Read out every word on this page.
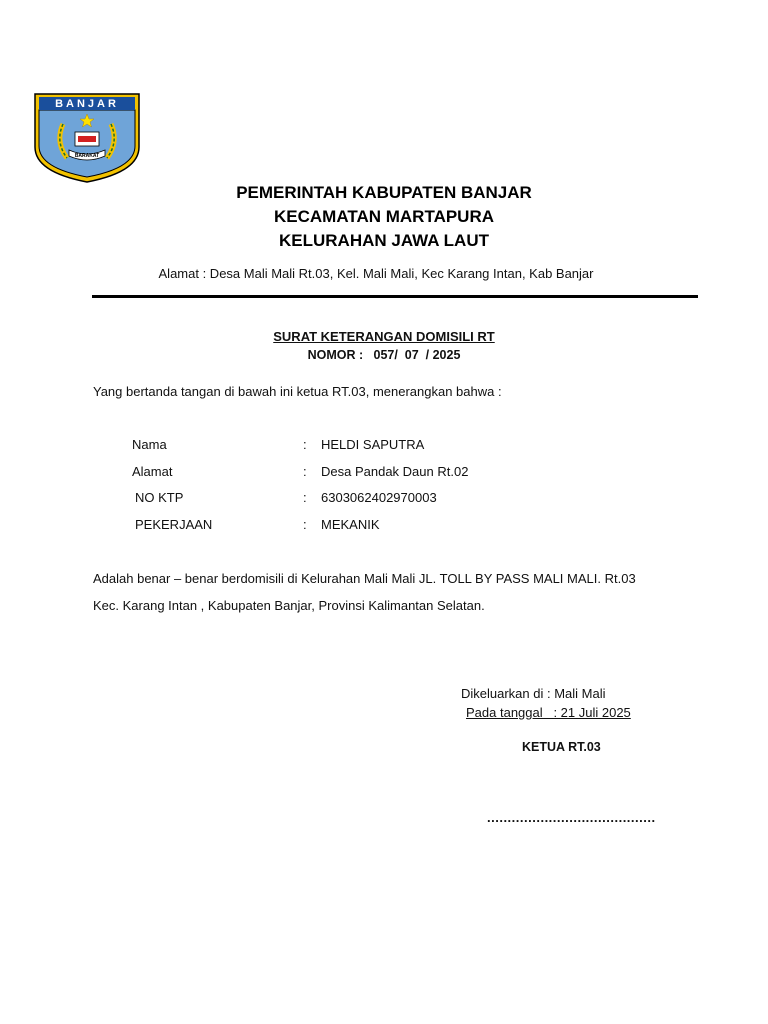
BANJAR
BARAKAT
PEMERINTAH KABUPATEN BANJAR
KECAMATAN MARTAPURA
KELURAHAN JAWA LAUT
Alamat : Desa Mali Mali Rt.03, Kel. Mali Mali, Kec Karang Intan, Kab Banjar
SURAT KETERANGAN DOMISILI RT
NOMOR :   057/  07  / 2025
Yang bertanda tangan di bawah ini ketua RT.03, menerangkan bahwa :
Nama	: HELDI SAPUTRA
Alamat	: Desa Pandak Daun Rt.02
NO KTP	: 6303062402970003
PEKERJAAN	: MEKANIK
Adalah benar – benar berdomisili di Kelurahan Mali Mali JL. TOLL BY PASS MALI MALI. Rt.03
Kec. Karang Intan , Kabupaten Banjar, Provinsi Kalimantan Selatan.
Dikeluarkan di : Mali Mali
Pada tanggal   : 21 Juli 2025
KETUA RT.03
.........................................
